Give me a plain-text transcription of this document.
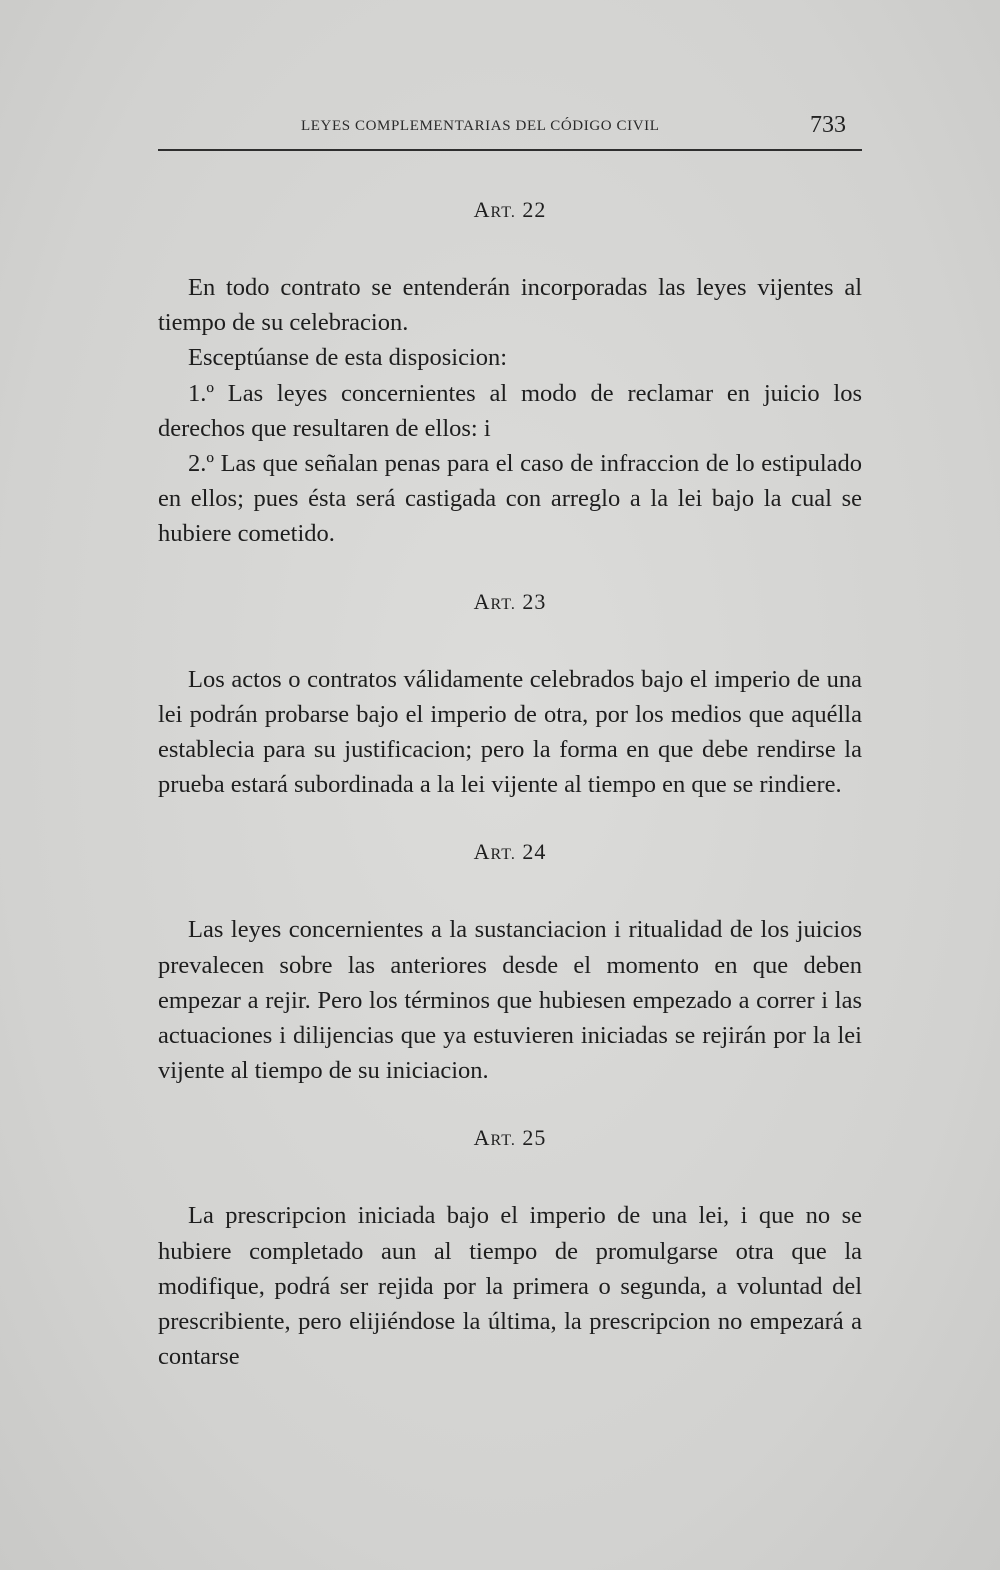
LEYES COMPLEMENTARIAS DEL CÓDIGO CIVIL	733
ART. 22

En todo contrato se entenderán incorporadas las leyes vijentes al tiempo de su celebracion.

Esceptúanse de esta disposicion:

1.º Las leyes concernientes al modo de reclamar en juicio los derechos que resultaren de ellos: i

2.º Las que señalan penas para el caso de infraccion de lo estipulado en ellos; pues ésta será castigada con arreglo a la lei bajo la cual se hubiere cometido.

ART. 23

Los actos o contratos válidamente celebrados bajo el imperio de una lei podrán probarse bajo el imperio de otra, por los medios que aquélla establecia para su justificacion; pero la forma en que debe rendirse la prueba estará subordinada a la lei vijente al tiempo en que se rindiere.

ART. 24

Las leyes concernientes a la sustanciacion i ritualidad de los juicios prevalecen sobre las anteriores desde el momento en que deben empezar a rejir. Pero los términos que hubiesen empezado a correr i las actuaciones i dilijencias que ya estuvieren iniciadas se rejirán por la lei vijente al tiempo de su iniciacion.

ART. 25

La prescripcion iniciada bajo el imperio de una lei, i que no se hubiere completado aun al tiempo de promulgarse otra que la modifique, podrá ser rejida por la primera o segunda, a voluntad del prescribiente, pero elijiéndose la última, la prescripcion no empezará a contarse
